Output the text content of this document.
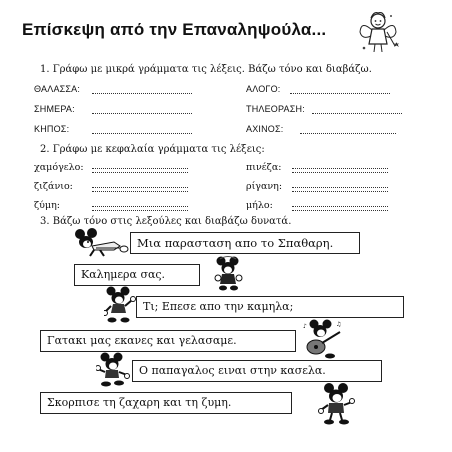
Επίσκεψη από την Επαναληψούλα...
1. Γράφω με μικρά γράμματα τις λέξεις. Βάζω τόνο και διαβάζω.
ΘΑΛΑΣΣΑ:	ΑΛΟΓΟ:
ΣΗΜΕΡΑ:	ΤΗΛΕΟΡΑΣΗ:
ΚΗΠΟΣ:	ΑΧΙΝΟΣ:
2. Γράφω με κεφαλαία γράμματα τις λέξεις:
χαμόγελο:	πινέζα:
ζιζάνιο:	ρίγανη:
ζύμη:	μήλο:
3. Βάζω τόνο στις λεξούλες και διαβάζω δυνατά.
Μια παρασταση απο το Σπαθαρη.
Καλημερα σας.
Τι; Επεσε απο την καμηλα;
Γατακι μας εκανες και γελασαμε.
♪	♫
Ο παπαγαλος ειναι στην κασελα.
Σκορπισε τη ζαχαρη και τη ζυμη.
